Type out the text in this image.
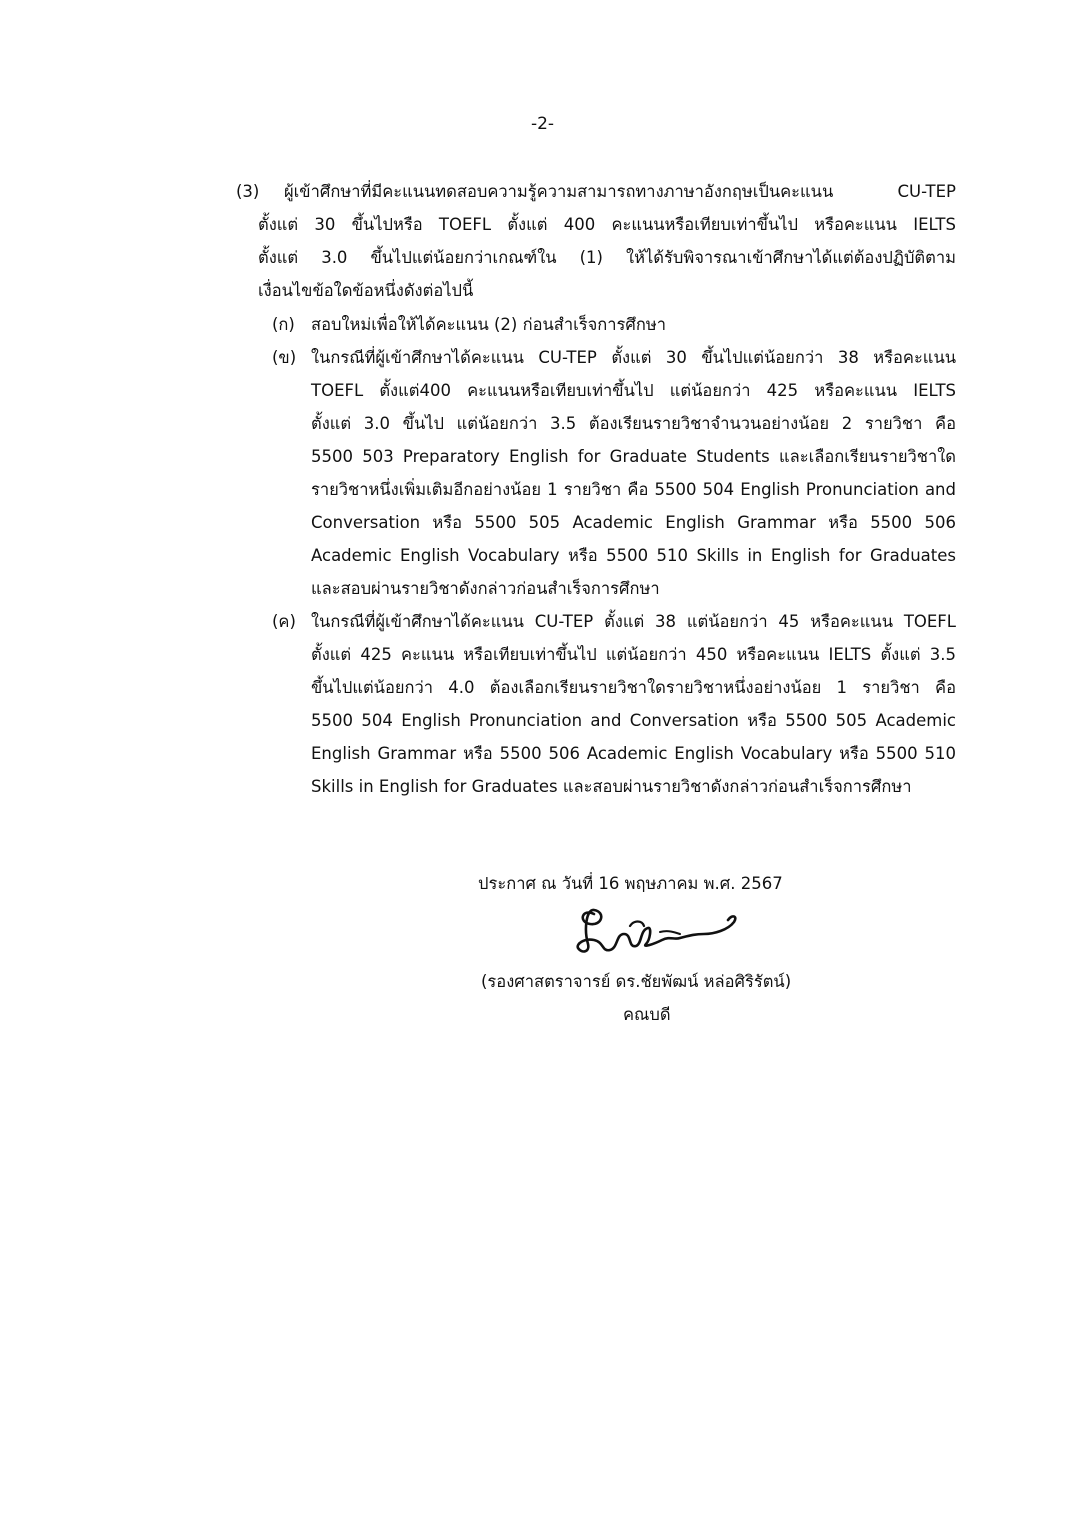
-2-
(3) ผู้เข้าศึกษาที่มีคะแนนทดสอบความรู้ความสามารถทางภาษาอังกฤษเป็นคะแนน CU-TEP
ตั้งแต่ 30 ขึ้นไปหรือ TOEFL ตั้งแต่ 400 คะแนนหรือเทียบเท่าขึ้นไป หรือคะแนน IELTS
ตั้งแต่ 3.0 ขึ้นไปแต่น้อยกว่าเกณฑ์ใน (1) ให้ได้รับพิจารณาเข้าศึกษาได้แต่ต้องปฏิบัติตาม
เงื่อนไขข้อใดข้อหนึ่งดังต่อไปนี้
(ก) สอบใหม่เพื่อให้ได้คะแนน (2) ก่อนสำเร็จการศึกษา
(ข) ในกรณีที่ผู้เข้าศึกษาได้คะแนน CU-TEP ตั้งแต่ 30 ขึ้นไปแต่น้อยกว่า 38 หรือคะแนน
TOEFL ตั้งแต่400 คะแนนหรือเทียบเท่าขึ้นไป แต่น้อยกว่า 425 หรือคะแนน IELTS
ตั้งแต่ 3.0 ขึ้นไป แต่น้อยกว่า 3.5 ต้องเรียนรายวิชาจำนวนอย่างน้อย 2 รายวิชา คือ
5500 503 Preparatory English for Graduate Students และเลือกเรียนรายวิชาใด
รายวิชาหนึ่งเพิ่มเติมอีกอย่างน้อย 1 รายวิชา คือ 5500 504 English Pronunciation and
Conversation หรือ 5500 505 Academic English Grammar หรือ 5500 506
Academic English Vocabulary หรือ 5500 510 Skills in English for Graduates
และสอบผ่านรายวิชาดังกล่าวก่อนสำเร็จการศึกษา
(ค) ในกรณีที่ผู้เข้าศึกษาได้คะแนน CU-TEP ตั้งแต่ 38 แต่น้อยกว่า 45 หรือคะแนน TOEFL
ตั้งแต่ 425 คะแนน หรือเทียบเท่าขึ้นไป แต่น้อยกว่า 450 หรือคะแนน IELTS ตั้งแต่ 3.5
ขึ้นไปแต่น้อยกว่า 4.0 ต้องเลือกเรียนรายวิชาใดรายวิชาหนึ่งอย่างน้อย 1 รายวิชา คือ
5500 504 English Pronunciation and Conversation หรือ 5500 505 Academic
English Grammar หรือ 5500 506 Academic English Vocabulary หรือ 5500 510
Skills in English for Graduates และสอบผ่านรายวิชาดังกล่าวก่อนสำเร็จการศึกษา
ประกาศ ณ วันที่ 16 พฤษภาคม พ.ศ. 2567
(รองศาสตราจารย์ ดร.ชัยพัฒน์ หล่อศิริรัตน์)
คณบดี
